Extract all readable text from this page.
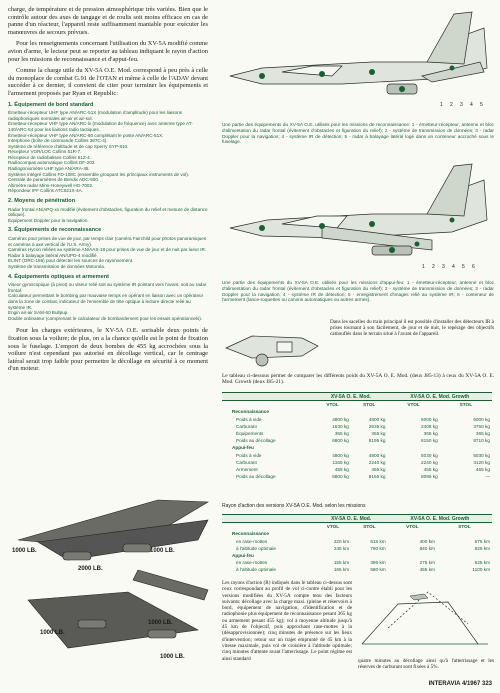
charge, de température et de pression atmosphérique très variées. Bien que le contrôle autour des axes de tangage et de roulis soit moins efficace en cas de panne d'un réacteur, l'appareil reste suffisamment maniable pour exécuter les manœuvres de secours prévues.

Pour les renseignements concernant l'utilisation du XV-5A modifié comme avion d'arme, le lecteur peut se reporter au tableau indiquant le rayon d'action pour les missions de reconnaissance et d'appui-feu.

Comme la charge utile du XV-5A O.E. Mod. correspond à peu près à celle du monoplace de combat G.91 de l'OTAN et même à celle de l'ADAV devant succéder à ce dernier, il convient de citer pour terminer les équipements et l'armement proposés par Ryan et Republic:

1. Équipement de bord standard
Émetteur-récepteur UHF type AN/ARC-51X (modulation d'amplitude) pour les liaisons radiophoniques normales air-air et air-sol.
Émetteur-récepteur VHF type AN/ARC-lx (modulation de fréquence) avec antenne type AT-140/ARC-54 pour les liaisons radio tactiques.
Émetteur-récepteur VHF type AN/ARC-60 complétant le poste AN/ARC-51X.
Interphone (boîte de commande Collins 387C-4).
Système de référence d'altitude et de cap Sperry SYP-810.
Récepteur VOR/LOC Collins 51R-7.
Récepteur de radiobalises Collins 51Z-4.
Radiocompas automatique Collins DF-203.
Radiogoniomètre UHF type AN/ARA-48.
Système intégré Collins FD-108C (ensemble groupant les principaux instruments de vol).
Centrale de paramètres de Bendix ADC-500.
Altimètre radar Minn-Honeywell HG-7002.
Répondeur IFF Collins ATC821X-4A.
2. Moyens de pénétration
Radar frontal AN/APQ-xx modifié (évitement d'obstacles, figuration du relief et mesure de distance oblique).
Équipement Doppler pour la navigation.
3. Équipements de reconnaissance
Caméras pour prises de vue de jour, par temps clair (caméra Fairchild pour photos panoramiques et caméras à axe vertical de l'U.S. Army).
Caméras Hycon reliées au système AN/AAS-18 pour prises de vue de jour et de nuit par lueur IR.
Radar à balayage latéral AN/UPD-4 modifié.
ELINT (ORC-186) pour détecter les sources de rayonnement.
Système de transmission de données Motorola.
4. Équipements optiques et armement
Viseur gyroscopique (à pivot) ou viseur relié soit au système IR pointant vers l'avant, soit au radar frontal.
Calculateur permettant le bombing par mauvaise temps en opérant en liaison avec un opérateur dans la zone de combat, indicateur de l'ensemble de tête optique à lecture directe relié au système IR.
Engin air-air SAM-60 Bullpup.
Double ordinateur (comprenant le calculateur de bombardement pour les essais opérationnels).

Pour les charges extérieures, le XV-5A O.E. sorisable deux points de fixation sous la voilure; de plus, on a la chance qu'elle est le point de fixation sous le fuselage. L'emport de deux bombes de 455 kg accrochées sous la voilure n'est cependant pas autorisé en décollage vertical, car le centrage latéral serait trop faible pour permettre le décollage en sécurité à ce moment d'un moteur.

1 2 3 4 5
Une partie des équipements du XV-5A O.E. utilisés pour les missions de reconnaissance: 1 - émetteur-récepteur, antenne et bloc d'alimentation du radar frontal (évitement d'obstacles et figuration du relief); 2 - système de transmission de données; 3 - radar Doppler pour la navigation; 4 - système IR de détection; 5 - radar à balayage latéral logé dans un conteneur accroché sous le fuselage.
1 2 3 4 5 6
Une partie des équipements du XV-5A O.E. utilisés pour les missions d'appui-feu: 1 - émetteur-récepteur, antenne et bloc d'alimentation du radar frontal (évitement d'obstacles et figuration du relief); 2 - système de transmission de données; 3 - radar Doppler pour la navigation; 4 - système IR de détection; 5 - enregistrement d'images relié au système IR; 6 - conteneur de l'armement (lance-roquettes ou canons automatiques ou autres armes).
Dans les sacelles du train principal il est possible d'installer des détecteurs IR à prises tournant à son facilement, de jour et de nuit, le repérage des objectifs camouflés dans le terrain situé à l'avant de l'appareil.
Le tableau ci-dessous permet de comparer les différents poids du XV-5A O. E. Mod. (deux J85-13) à ceux du XV-5A O. E. Mod. Growth (deux J85-21).
	XV-5A O. E. Mod.		XV-5A O. E. Mod. Growth	
	VTOL	STOL	VTOL	STOL
Reconnaissance				
Poids à vide	4800 kg	4800 kg	6000 kg	6000 kg
Carburant	1630 kg	2635 kg	2408 kg	3750 kg
Équipements	365 kg	365 kg	365 kg	365 kg
Poids au décollage	6800 kg	8195 kg	8150 kg	8710 kg
Appui-feu				
Poids à vide	4800 kg	4800 kg	5030 kg	5030 kg
Carburant	1165 kg	2240 kg	2240 kg	3120 kg
Armement	455 kg	455 kg	455 kg	455 kg
Poids au décollage	6800 kg	8155 kg	8095 kg	—
Rayon d'action des versions XV-5A O.E. Mod. selon les missions
	XV-5A O. E. Mod.		XV-5A O. E. Mod. Growth	
	VTOL	STOL	VTOL	STOL
Reconnaissance				
en rase-mottes	220 km	515 km	400 km	575 km
à l'altitude optimale	245 km	790 km	840 km	825 km
Appui-feu				
en rase-mottes	155 km	395 km	275 km	625 km
à l'altitude optimale	165 km	580 km	455 km	1100 km
1000 LB.	1000 LB.
2000 LB.
1000 LB.
1000 LB.
1000 LB.
Les rayons d'action (R) indiqués dans le tableau ci-dessus sont ceux correspondant au profil de vol ci-contre établi pour les versions modifiées du XV-5A compte tenu des facteurs suivants: décollage avec la charge maxi. (pleine et réservoirs à bord, équipement de navigation, d'identification et de radiophonie plus équipement de reconnaissance pesant 365 kg ou armement pesant 455 kg); vol à moyenne altitude jusqu'à 45 km de l'objectif, puis approchant rase-mottes à la (désapprovisionnée); cinq minutes de présence sur les lieux d'intervention; retour sur un trajet emprunté de 45 km à la vitesse maximale, puis vol de croisière à l'altitude optimale; cinq minutes d'attente avant l'atterrissage. Le point régime est ainsi standard	quatre minutes au décollage ainsi qu'à l'atterrissage et les réserves de carburant sont fixées à 5%.
INTERAVIA 4/1967 323
